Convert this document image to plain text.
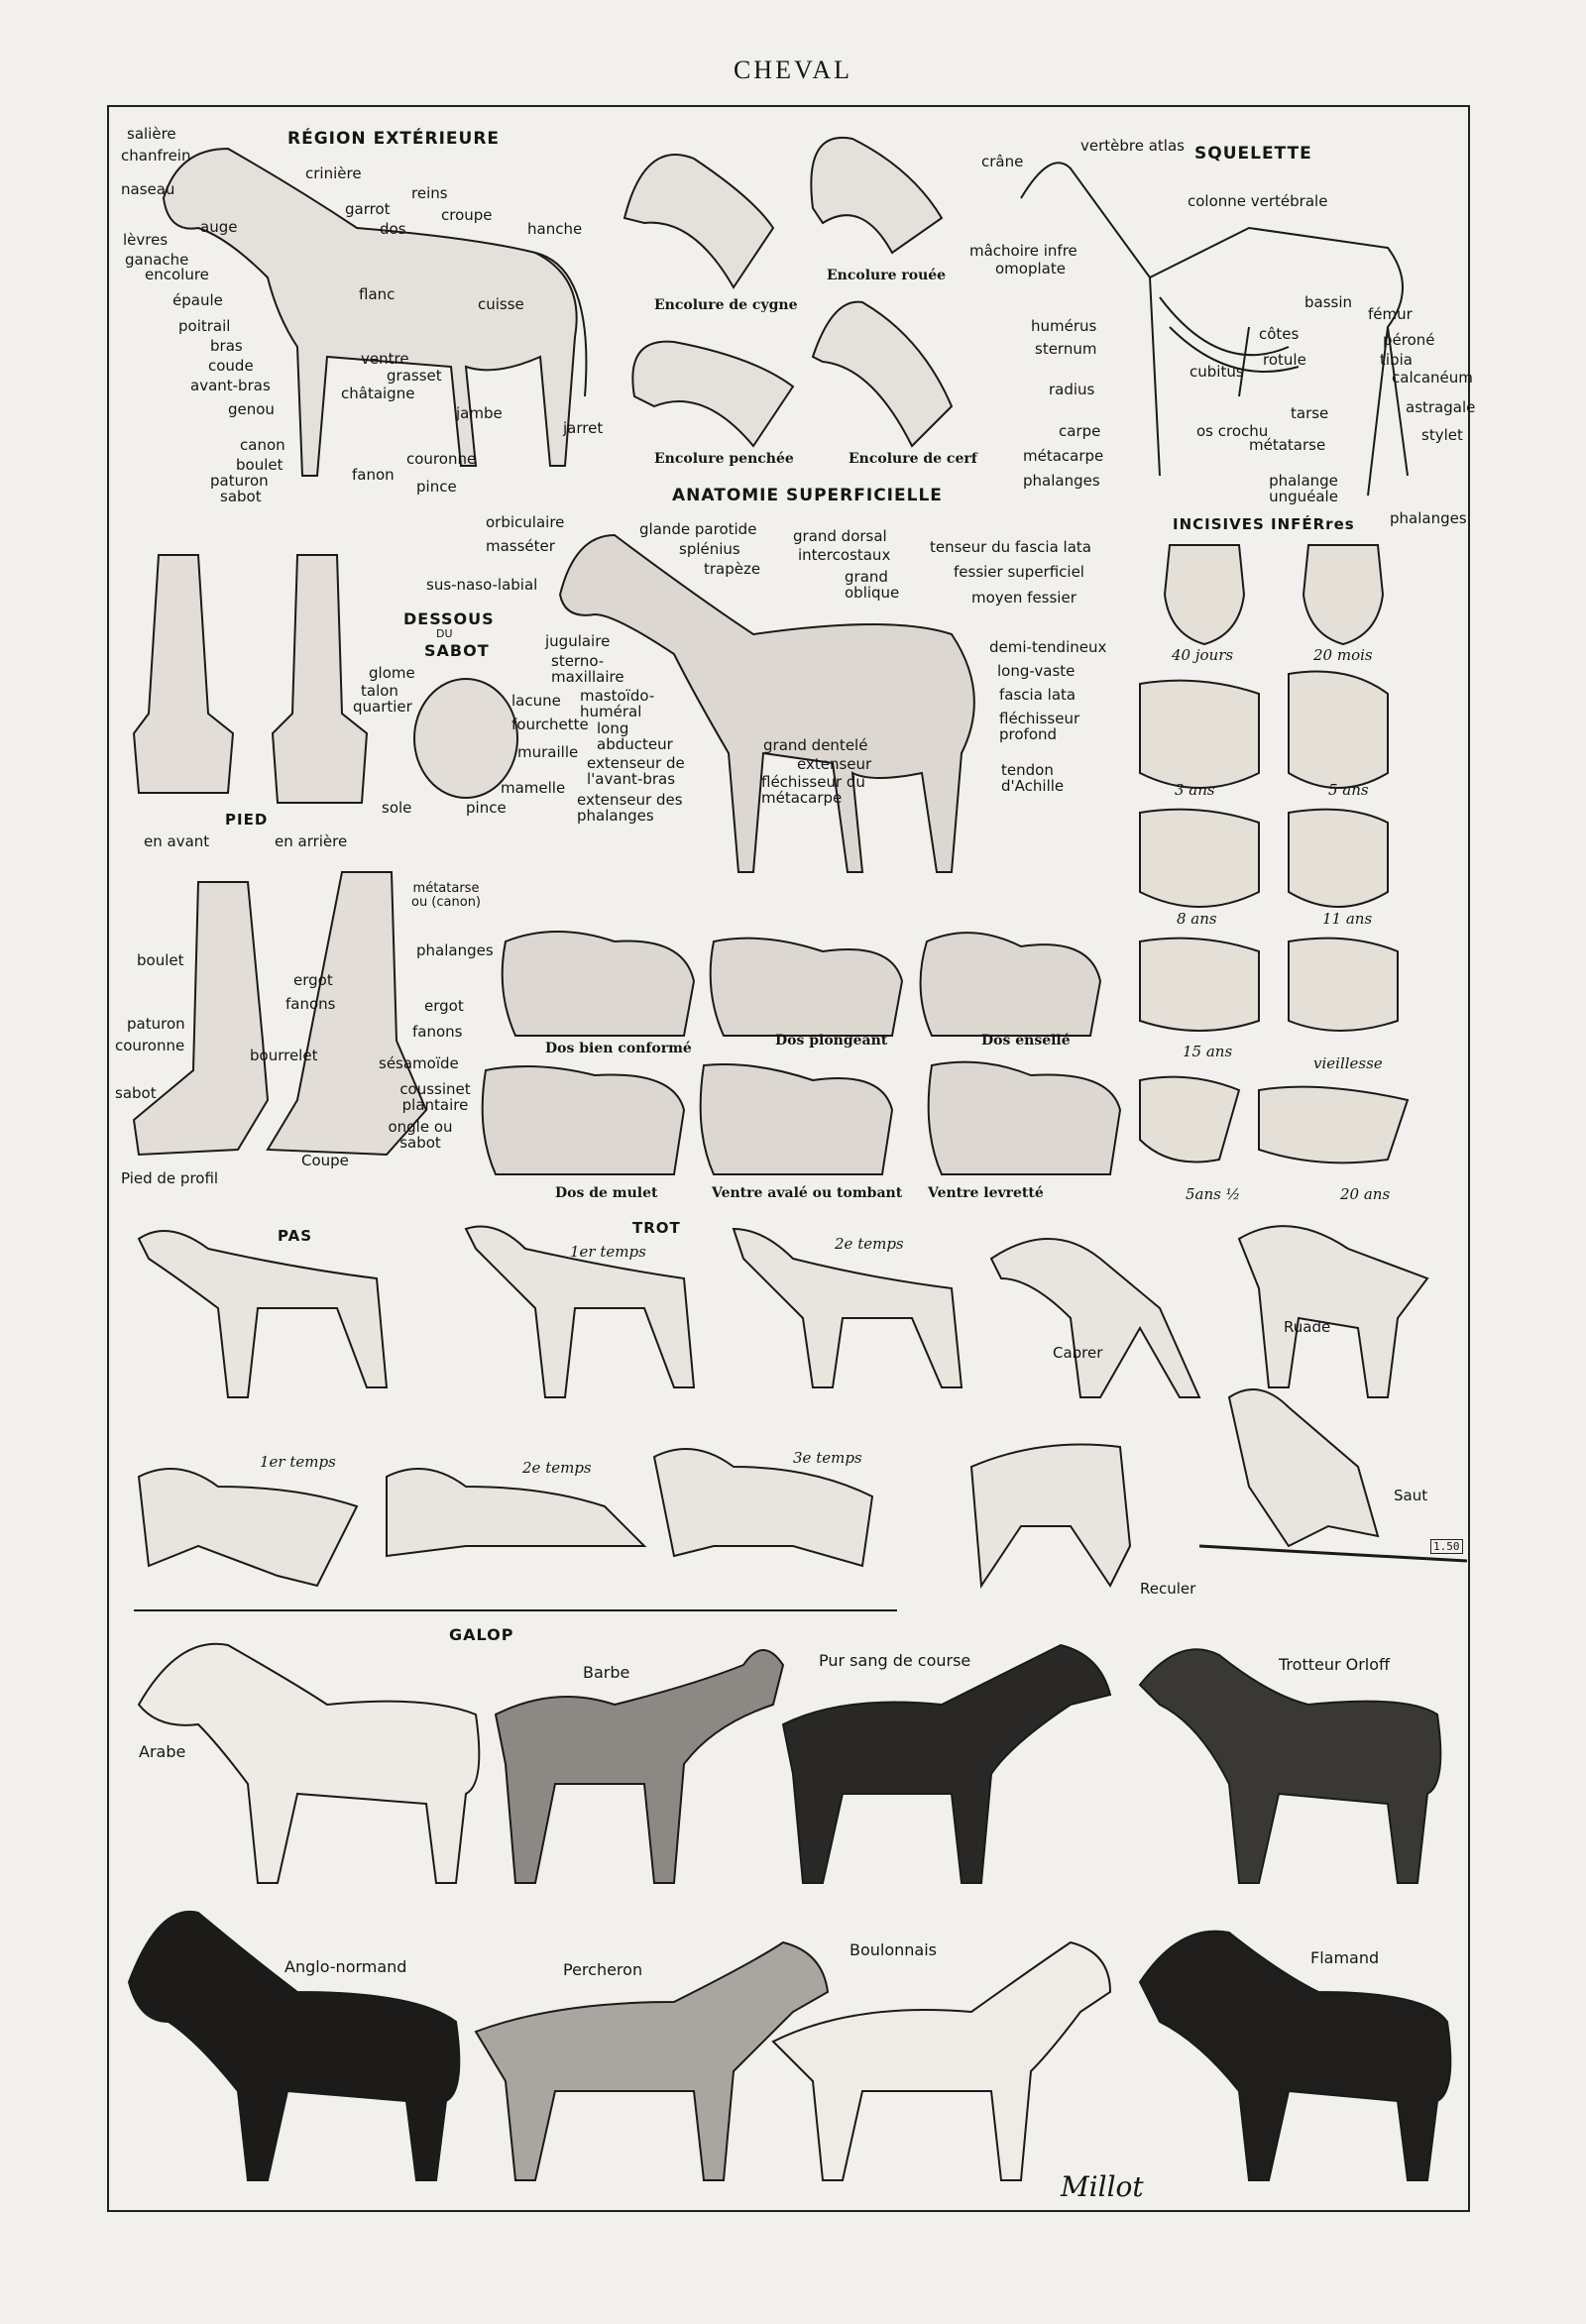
CHEVAL
RÉGION EXTÉRIEURE
SQUELETTE
ANATOMIE SUPERFICIELLE
INCISIVES INFÉRres
DESSOUS
DU
SABOT
PIED
PAS	TROT
GALOP
salière
chanfrein
naseau
lèvres
ganache
encolure
épaule
poitrail
bras
coude
avant-bras
genou
canon
boulet
paturon
sabot
crinière
garrot
reins
dos
croupe
hanche
auge
flanc
cuisse
ventre
grasset
châtaigne
jambe
jarret
fanon
couronne
pince
Encolure de cygne
Encolure rouée
Encolure penchée	Encolure de cerf
vertèbre atlas
crâne
colonne vertébrale
mâchoire infre
omoplate
humérus
sternum
radius
carpe
métacarpe
phalanges
cubitus
os crochu
côtes
bassin
fémur
rotule
péroné
tibia
calcanéum
tarse	astragale
stylet
métatarse
phalange unguéale
phalanges
orbiculaire
masséter
sus-naso-labial
glande parotide
splénius
trapèze
grand dorsal
intercostaux
grand oblique
tenseur du fascia lata
fessier superficiel
moyen fessier
jugulaire
sterno-maxillaire
mastoïdo-huméral
long abducteur
extenseur de l'avant-bras
extenseur des phalanges
grand dentelé
extenseur
fléchisseur du métacarpe
demi-tendineux
long-vaste
fascia lata
fléchisseur profond
tendon d'Achille
glome
talon
quartier	lacune
fourchette
muraille
mamelle
sole	pince
en avant	en arrière
boulet
paturon
couronne
sabot
ergot
fanons
bourrelet
Pied de profil
métatarse ou (canon)
phalanges
ergot
fanons
sésamoïde
coussinet plantaire
ongle ou sabot
Coupe
40 jours	20 mois
3 ans	5 ans
8 ans	11 ans
15 ans
vieillesse
5ans ½	20 ans
Dos bien conformé	Dos plongeant	Dos ensellé
Dos de mulet	Ventre avalé ou tombant Ventre levretté
1er temps	2e temps
1er temps	2e temps
3e temps
Cabrer
Ruade
Saut
Reculer
1.50
Arabe
Barbe
Pur sang de course	Trotteur Orloff
Anglo-normand	Percheron
Boulonnais	Flamand
Millot
